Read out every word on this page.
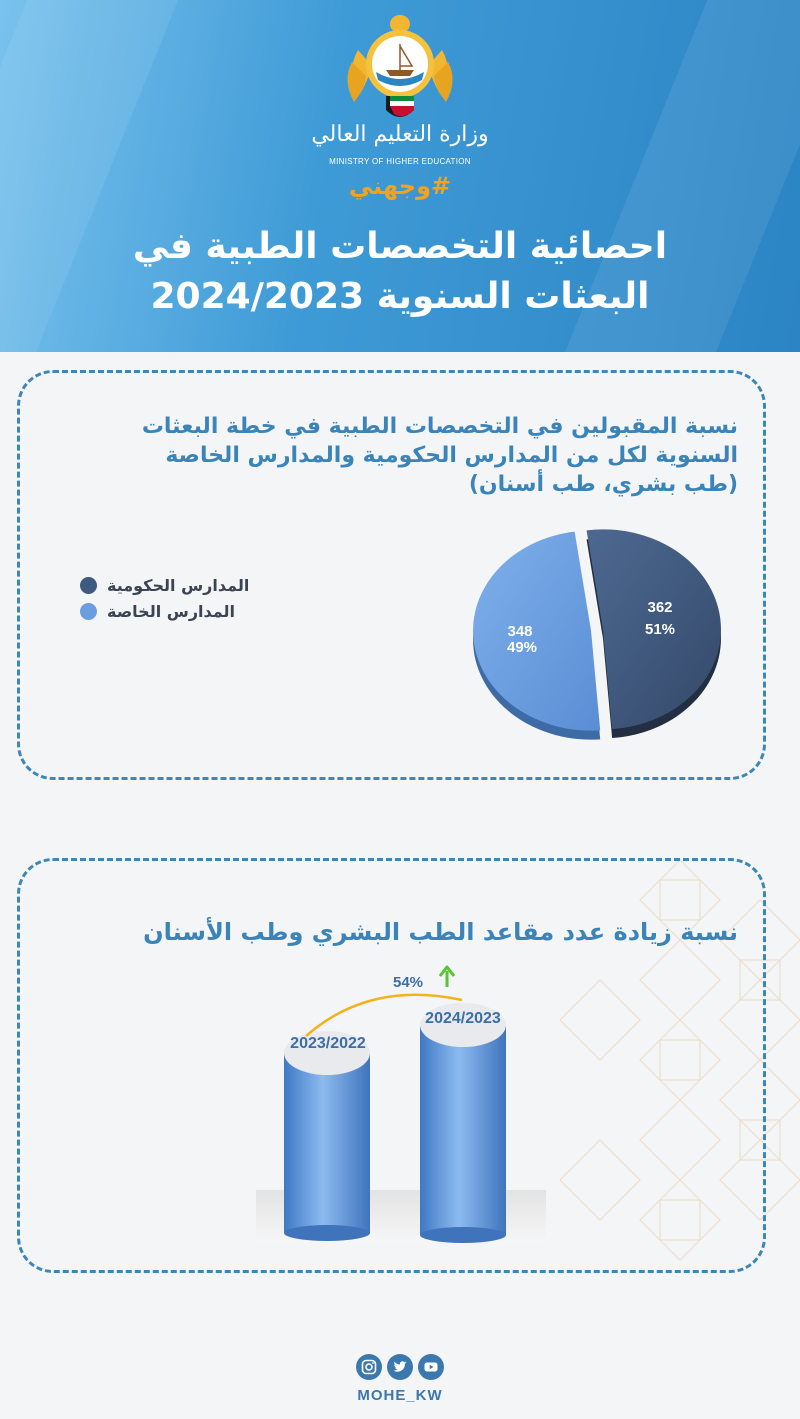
وزارة التعليم العالي
MINISTRY OF HIGHER EDUCATION
#وجهني
احصائية التخصصات الطبية في
البعثات السنوية 2024/2023
نسبة المقبولين في التخصصات الطبية في خطة البعثات
السنوية لكل من المدارس الحكومية والمدارس الخاصة
(طب بشري، طب أسنان)
المدارس الحكومية
المدارس الخاصة	362
51%
348
49%
نسبة زيادة عدد مقاعد الطب البشري وطب الأسنان
2023/2022
2024/2023
54%
MOHE_KW
